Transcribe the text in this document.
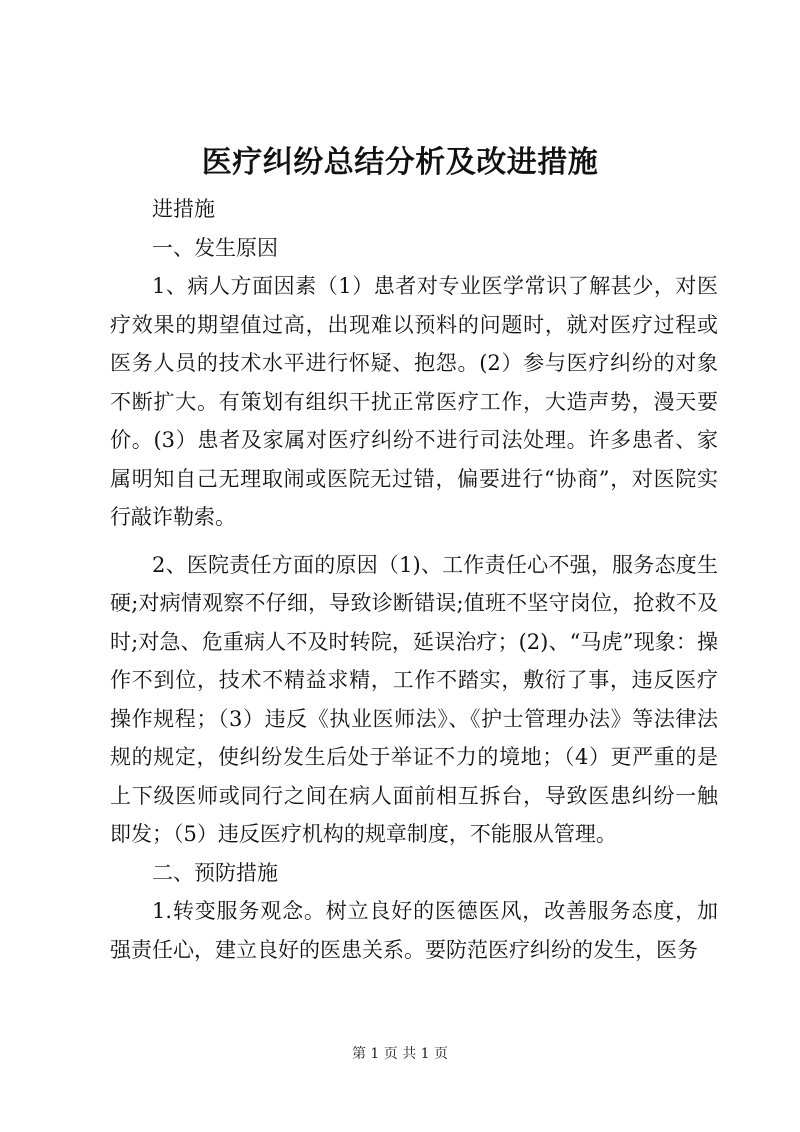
医疗纠纷总结分析及改进措施

进措施

一、发生原因

1、病人方面因素（1）患者对专业医学常识了解甚少，对医疗效果的期望值过高，出现难以预料的问题时，就对医疗过程或医务人员的技术水平进行怀疑、抱怨。(2）参与医疗纠纷的对象不断扩大。有策划有组织干扰正常医疗工作，大造声势，漫天要价。(3）患者及家属对医疗纠纷不进行司法处理。许多患者、家属明知自己无理取闹或医院无过错，偏要进行“协商”，对医院实行敲诈勒索。

2、医院责任方面的原因（1)、工作责任心不强，服务态度生硬;对病情观察不仔细，导致诊断错误;值班不坚守岗位，抢救不及时;对急、危重病人不及时转院，延误治疗；(2)、“马虎”现象：操作不到位，技术不精益求精，工作不踏实，敷衍了事，违反医疗操作规程；（3）违反《执业医师法》、《护士管理办法》等法律法规的规定，使纠纷发生后处于举证不力的境地；（4）更严重的是上下级医师或同行之间在病人面前相互拆台，导致医患纠纷一触即发；（5）违反医疗机构的规章制度，不能服从管理。

二、预防措施

1.转变服务观念。树立良好的医德医风，改善服务态度，加强责任心，建立良好的医患关系。要防范医疗纠纷的发生，医务

第 1 页 共 1 页
